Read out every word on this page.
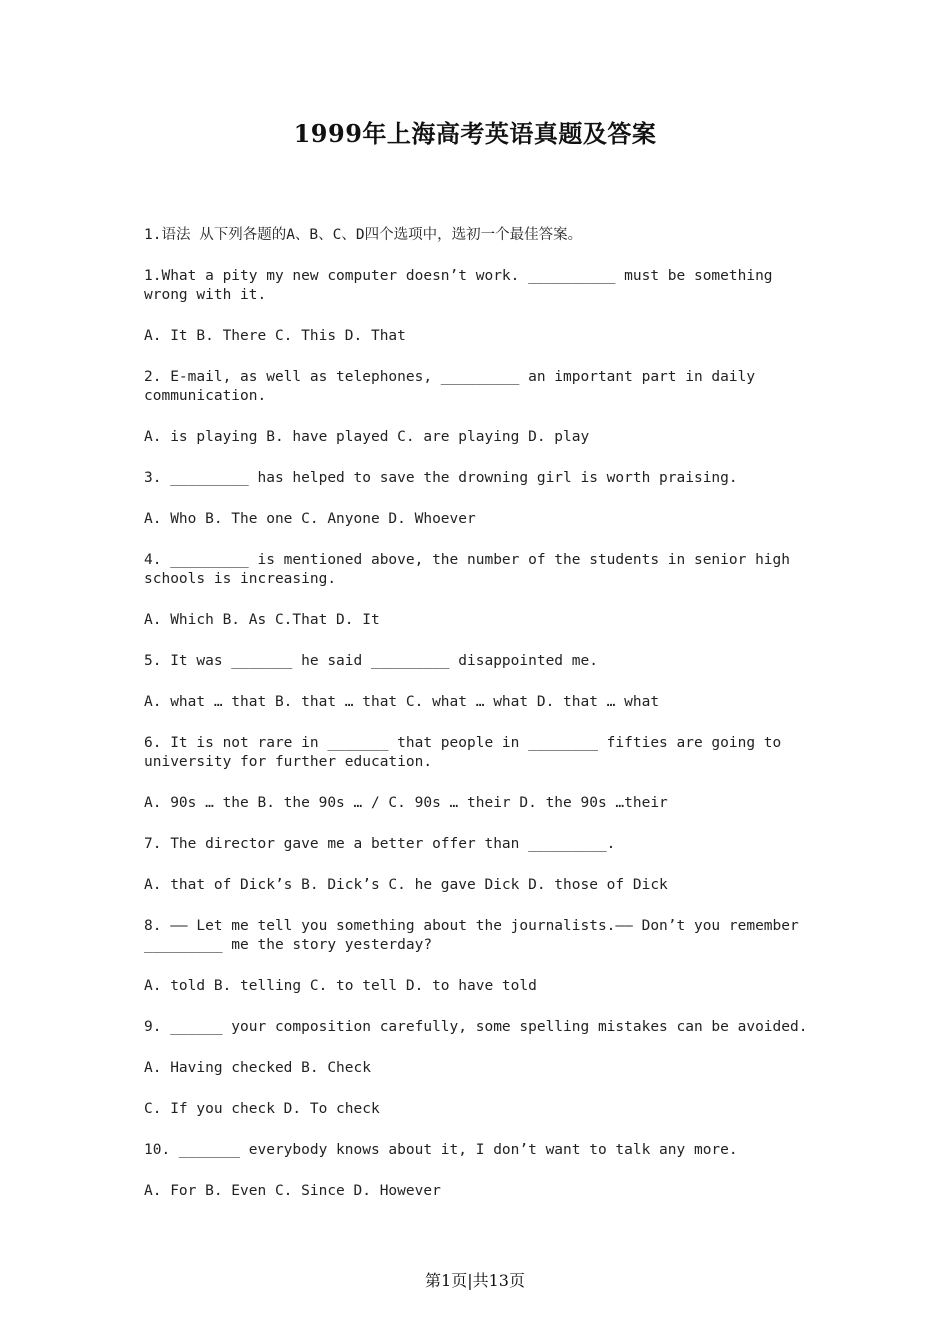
1999年上海高考英语真题及答案

1.语法 从下列各题的A、B、C、D四个选项中，选初一个最佳答案。

1.What a pity my new computer doesn’t work. __________ must be something wrong with it.

A. It B. There C. This D. That

2. E-mail, as well as telephones, _________ an important part in daily communication.

A. is playing B. have played C. are playing D. play

3. _________ has helped to save the drowning girl is worth praising.

A. Who B. The one C. Anyone D. Whoever

4. _________ is mentioned above, the number of the students in senior high schools is increasing.

A. Which B. As C.That D. It

5. It was _______ he said _________ disappointed me.

A. what … that B. that … that C. what … what D. that … what

6. It is not rare in _______ that people in ________ fifties are going to university for further education.

A. 90s … the B. the 90s … / C. 90s … their D. the 90s …their

7. The director gave me a better offer than _________.

A. that of Dick’s B. Dick’s C. he gave Dick D. those of Dick

8. —— Let me tell you something about the journalists.—— Don’t you remember _________ me the story yesterday?

A. told B. telling C. to tell D. to have told

9. ______ your composition carefully, some spelling mistakes can be avoided.

A. Having checked B. Check

C. If you check D. To check

10. _______ everybody knows about it, I don’t want to talk any more.

A. For B. Even C. Since D. However

第1页|共13页
